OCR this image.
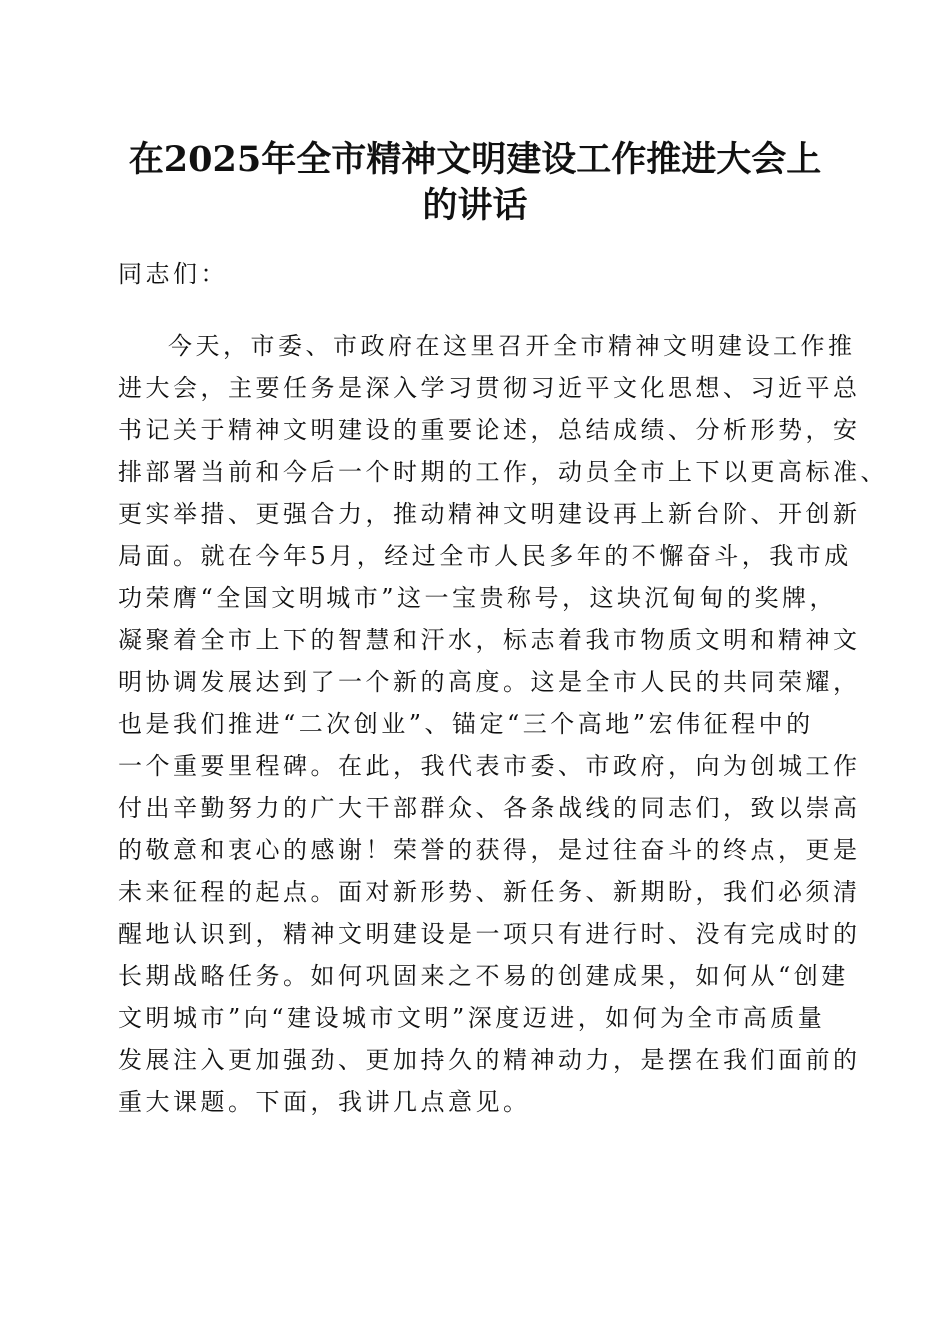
在2025年全市精神文明建设工作推进大会上
的讲话
同志们：
今天，市委、市政府在这里召开全市精神文明建设工作推
进大会，主要任务是深入学习贯彻习近平文化思想、习近平总
书记关于精神文明建设的重要论述，总结成绩、分析形势，安
排部署当前和今后一个时期的工作，动员全市上下以更高标准、
更实举措、更强合力，推动精神文明建设再上新台阶、开创新
局面。就在今年5月，经过全市人民多年的不懈奋斗，我市成
功荣膺“全国文明城市”这一宝贵称号，这块沉甸甸的奖牌，
凝聚着全市上下的智慧和汗水，标志着我市物质文明和精神文
明协调发展达到了一个新的高度。这是全市人民的共同荣耀，
也是我们推进“二次创业”、锚定“三个高地”宏伟征程中的
一个重要里程碑。在此，我代表市委、市政府，向为创城工作
付出辛勤努力的广大干部群众、各条战线的同志们，致以崇高
的敬意和衷心的感谢！荣誉的获得，是过往奋斗的终点，更是
未来征程的起点。面对新形势、新任务、新期盼，我们必须清
醒地认识到，精神文明建设是一项只有进行时、没有完成时的
长期战略任务。如何巩固来之不易的创建成果，如何从“创建
文明城市”向“建设城市文明”深度迈进，如何为全市高质量
发展注入更加强劲、更加持久的精神动力，是摆在我们面前的
重大课题。下面，我讲几点意见。
